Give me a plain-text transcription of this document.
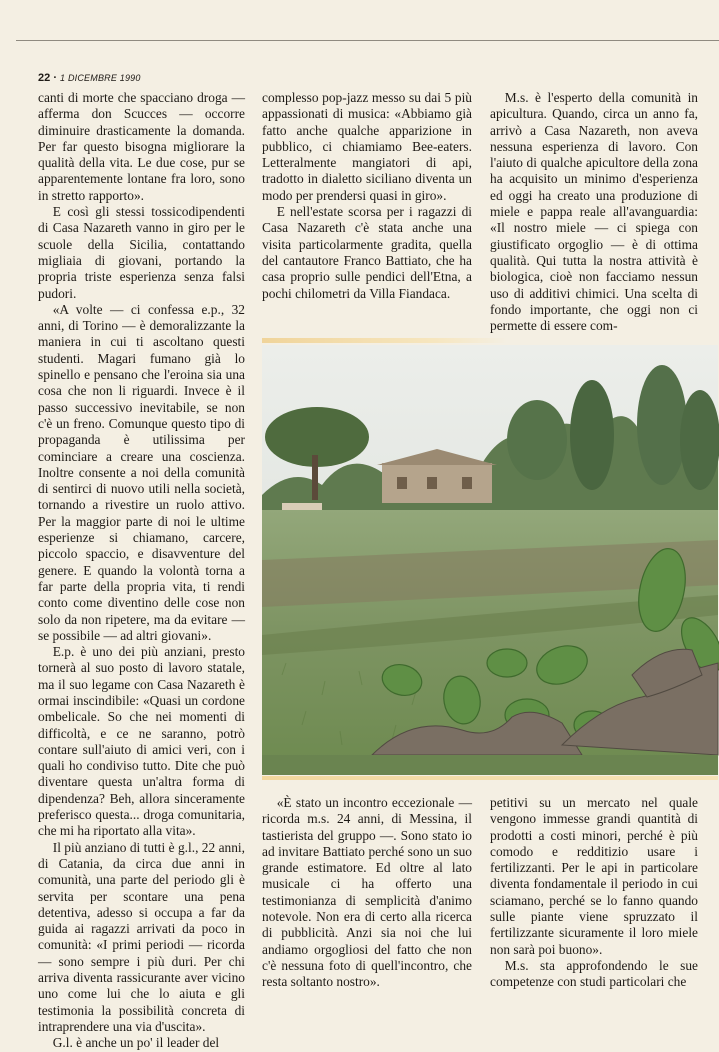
22 · 1 DICEMBRE 1990

canti di morte che spacciano droga — afferma don Scucces — occorre diminuire drasticamente la domanda. Per far questo bisogna migliorare la qualità della vita. Le due cose, pur se apparentemente lontane fra loro, sono in stretto rapporto».

E così gli stessi tossicodipendenti di Casa Nazareth vanno in giro per le scuole della Sicilia, contattando migliaia di giovani, portando la propria triste esperienza senza falsi pudori.

«A volte — ci confessa e.p., 32 anni, di Torino — è demoralizzante la maniera in cui ti ascoltano questi studenti. Magari fumano già lo spinello e pensano che l'eroina sia una cosa che non li riguardi. Invece è il passo successivo inevitabile, se non c'è un freno. Comunque questo tipo di propaganda è utilissima per cominciare a creare una coscienza. Inoltre consente a noi della comunità di sentirci di nuovo utili nella società, tornando a rivestire un ruolo attivo. Per la maggior parte di noi le ultime esperienze si chiamano, carcere, piccolo spaccio, e disavventure del genere. E quando la volontà torna a far parte della propria vita, ti rendi conto come diventino delle cose non solo da non ripetere, ma da evitare — se possibile — ad altri giovani».

E.p. è uno dei più anziani, presto tornerà al suo posto di lavoro statale, ma il suo legame con Casa Nazareth è ormai inscindibile: «Quasi un cordone ombelicale. So che nei momenti di difficoltà, e ce ne saranno, potrò contare sull'aiuto di amici veri, con i quali ho condiviso tutto. Dite che può diventare questa un'altra forma di dipendenza? Beh, allora sinceramente preferisco questa... droga comunitaria, che mi ha riportato alla vita».

Il più anziano di tutti è g.l., 22 anni, di Catania, da circa due anni in comunità, una parte del periodo gli è servita per scontare una pena detentiva, adesso si occupa a far da guida ai ragazzi arrivati da poco in comunità: «I primi periodi — ricorda — sono sempre i più duri. Per chi arriva diventa rassicurante aver vicino uno come lui che lo aiuta e gli testimonia la possibilità concreta di intraprendere una via d'uscita».

G.l. è anche un po' il leader del

complesso pop-jazz messo su dai 5 più appassionati di musica: «Abbiamo già fatto anche qualche apparizione in pubblico, ci chiamiamo Bee-eaters. Letteralmente mangiatori di api, tradotto in dialetto siciliano diventa un modo per prendersi quasi in giro».

E nell'estate scorsa per i ragazzi di Casa Nazareth c'è stata anche una visita particolarmente gradita, quella del cantautore Franco Battiato, che ha casa proprio sulle pendici dell'Etna, a pochi chilometri da Villa Fiandaca.

M.s. è l'esperto della comunità in apicultura. Quando, circa un anno fa, arrivò a Casa Nazareth, non aveva nessuna esperienza di lavoro. Con l'aiuto di qualche apicultore della zona ha acquisito un minimo d'esperienza ed oggi ha creato una produzione di miele e pappa reale all'avanguardia: «Il nostro miele — ci spiega con giustificato orgoglio — è di ottima qualità. Qui tutta la nostra attività è biologica, cioè non facciamo nessun uso di additivi chimici. Una scelta di fondo importante, che oggi non ci permette di essere com-

«È stato un incontro eccezionale — ricorda m.s. 24 anni, di Messina, il tastierista del gruppo —. Sono stato io ad invitare Battiato perché sono un suo grande estimatore. Ed oltre al lato musicale ci ha offerto una testimonianza di semplicità d'animo notevole. Non era di certo alla ricerca di pubblicità. Anzi sia noi che lui andiamo orgogliosi del fatto che non c'è nessuna foto di quell'incontro, che resta soltanto nostro».

petitivi su un mercato nel quale vengono immesse grandi quantità di prodotti a costi minori, perché è più comodo e redditizio usare i fertilizzanti. Per le api in particolare diventa fondamentale il periodo in cui sciamano, perché se lo fanno quando sulle piante viene spruzzato il fertilizzante sicuramente il loro miele non sarà poi buono».

M.s. sta approfondendo le sue competenze con studi particolari che
